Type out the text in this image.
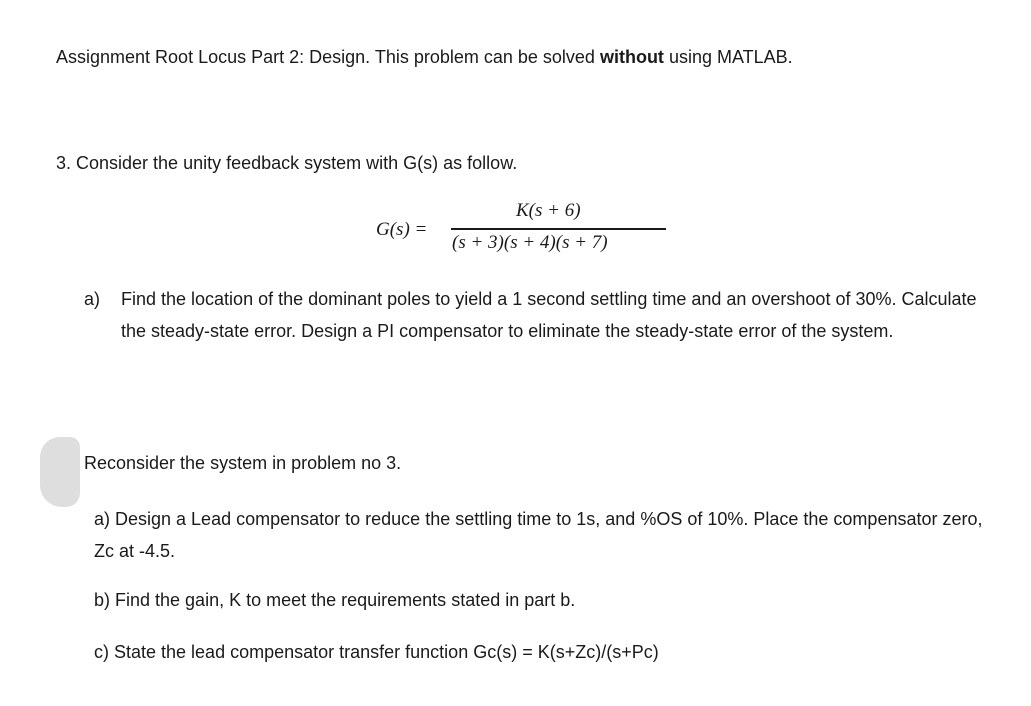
Assignment Root Locus Part 2: Design. This problem can be solved without using MATLAB.
3. Consider the unity feedback system with G(s) as follow.
G(s) =
K(s + 6)
(s + 3)(s + 4)(s + 7)
a) Find the location of the dominant poles to yield a 1 second settling time and an overshoot of 30%. Calculate the steady-state error. Design a PI compensator to eliminate the steady-state error of the system.
Reconsider the system in problem no 3.
a) Design a Lead compensator to reduce the settling time to 1s, and %OS of 10%. Place the compensator zero, Zc at -4.5.
b) Find the gain, K to meet the requirements stated in part b.
c) State the lead compensator transfer function Gc(s) = K(s+Zc)/(s+Pc)
